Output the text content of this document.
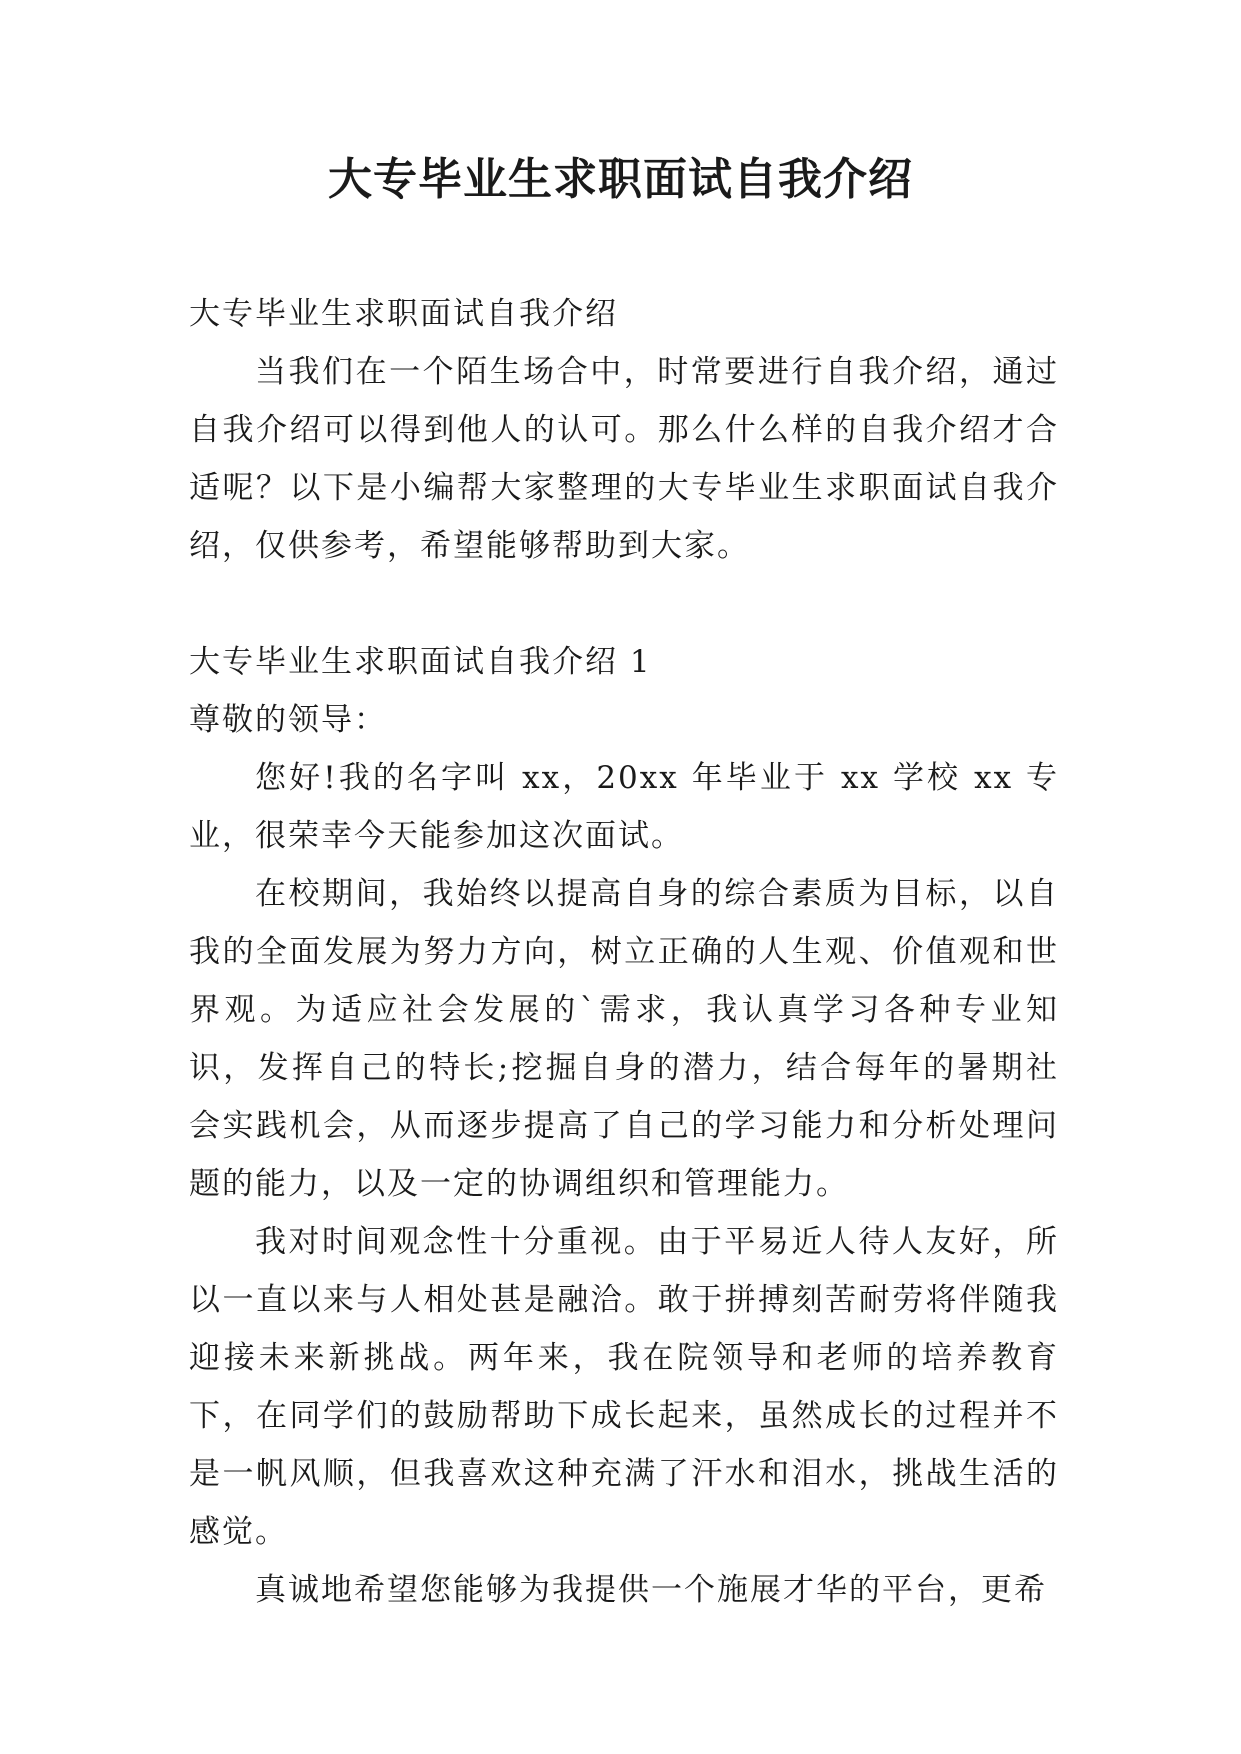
大专毕业生求职面试自我介绍

大专毕业生求职面试自我介绍

当我们在一个陌生场合中，时常要进行自我介绍，通过自我介绍可以得到他人的认可。那么什么样的自我介绍才合适呢？以下是小编帮大家整理的大专毕业生求职面试自我介绍，仅供参考，希望能够帮助到大家。

大专毕业生求职面试自我介绍 1

尊敬的领导：

您好!我的名字叫 xx，20xx 年毕业于 xx 学校 xx 专业，很荣幸今天能参加这次面试。

在校期间，我始终以提高自身的综合素质为目标，以自我的全面发展为努力方向，树立正确的人生观、价值观和世界观。为适应社会发展的`需求，我认真学习各种专业知识，发挥自己的特长;挖掘自身的潜力，结合每年的暑期社会实践机会，从而逐步提高了自己的学习能力和分析处理问题的能力，以及一定的协调组织和管理能力。

我对时间观念性十分重视。由于平易近人待人友好，所以一直以来与人相处甚是融洽。敢于拼搏刻苦耐劳将伴随我迎接未来新挑战。两年来，我在院领导和老师的培养教育下，在同学们的鼓励帮助下成长起来，虽然成长的过程并不是一帆风顺，但我喜欢这种充满了汗水和泪水，挑战生活的感觉。

真诚地希望您能够为我提供一个施展才华的平台，更希
